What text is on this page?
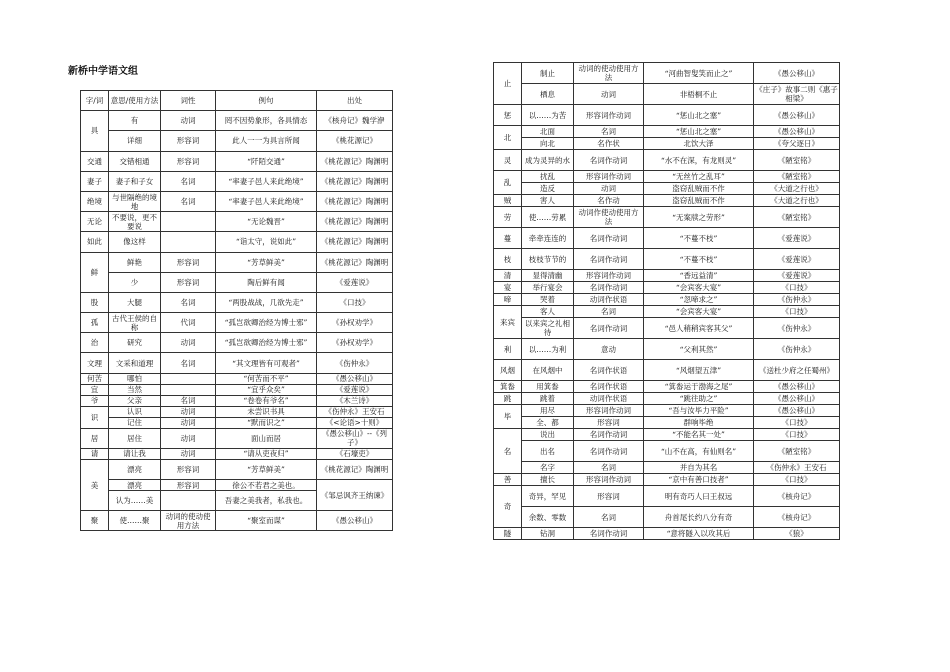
新桥中学语文组
字/词	意思/使用方法	词性	例句	出处
具	有	动词	罔不因势象形，各具情态	《核舟记》魏学洢
	详细	形容词	此人一一为具言所闻	《桃花源记》
交通	交错相通	形容词	“阡陌交通”	《桃花源记》陶渊明
妻子	妻子和子女	名词	“率妻子邑人来此绝境”	《桃花源记》陶渊明
绝境	与世隔绝的境地	名词	“率妻子邑人来此绝境”	《桃花源记》陶渊明
无论	不要说，更不要说		“无论魏晋”	《桃花源记》陶渊明
如此	像这样		“诣太守，说如此”	《桃花源记》陶渊明
鲜	鲜艳	形容词	“芳草鲜美”	《桃花源记》陶渊明
	少	形容词	陶后鲜有闻	《爱莲说》
股	大腿	名词	“两股战战，几欲先走”	《口技》
孤	古代王侯的自称	代词	“孤岂欲卿治经为博士邪”	《孙权劝学》
治	研究	动词	“孤岂欲卿治经为博士邪”	《孙权劝学》
文理	文采和道理	名词	“其文理皆有可观者”	《伤仲永》
何苦	哪怕		“何苦而不平”	《愚公移山》
宜	当然		“宜乎众矣”	《爱莲说》
爷	父亲	名词	“卷卷有爷名”	《木兰诗》
识	认识	动词	未尝识书具	《伤仲永》王安石
	记住	动词	“默而识之”	《<论语>十则》
居	居住	动词	面山而居	《愚公移山》--《列子》
请	请让我	动词	“请从吏夜归”	《石壕吏》
美	漂亮	形容词	“芳草鲜美”	《桃花源记》陶渊明
	漂亮	形容词	徐公不若君之美也。	《邹忌讽齐王纳谏》
	认为……美		吾妻之美我者，私我也。	
聚	使……聚	动词的使动使用方法	“聚室而谋”	《愚公移山》
止	制止	动词的使动使用方法	“河曲智叟笑而止之”	《愚公移山》
	栖息	动词	非梧桐不止	《庄子》故事二则《惠子相梁》
惩	以……为苦	形容词作动词	“惩山北之塞”	《愚公移山》
北	北面	名词	“惩山北之塞”	《愚公移山》
	向北	名作状	北饮大泽	《夸父逐日》
灵	成为灵异的水	名词作动词	“水不在深，有龙则灵”	《陋室铭》
乱	扰乱	形容词作动词	“无丝竹之乱耳”	《陋室铭》
	造反	动词	盗窃乱贼而不作	《大道之行也》
贼	害人	名作动	盗窃乱贼而不作	《大道之行也》
劳	使……劳累	动词作使动使用方法	“无案牍之劳形”	《陋室铭》
蔓	牵牵连连的	名词作动词	“不蔓不枝”	《爱莲说》
枝	枝枝节节的	名词作动词	“不蔓不枝”	《爱莲说》
清	显得清幽	形容词作动词	“香远益清”	《爱莲说》
宴	举行宴会	名词作动词	“会宾客大宴”	《口技》
啼	哭着	动词作状语	“忽啼求之”	《伤仲永》
来宾	客人	名词	“会宾客大宴”	《口技》
	以来宾之礼相待	名词作动词	“邑人稍稍宾客其父”	《伤仲永》
利	以……为利	意动	“父利其然”	《伤仲永》
风烟	在风烟中	名词作状语	“风烟望五津”	《送杜少府之任蜀州》
箕畚	用箕畚	名词作状语	“箕畚运于渤海之尾”	《愚公移山》
跳	跳着	动词作状语	“跳往助之”	《愚公移山》
毕	用尽	形容词作动词	“吾与汝毕力平险”	《愚公移山》
	全、都	形容词	群响毕绝	《口技》
名	说出	名词作动词	“不能名其一处”	《口技》
	出名	名词作动词	“山不在高，有仙则名”	《陋室铭》
	名字	名词	并自为其名	《伤仲永》王安石
善	擅长	形容词作动词	“京中有善口技者”	《口技》
奇	奇异，罕见	形容词	明有奇巧人曰王叔远	《核舟记》
	余数、零数	名词	舟首尾长约八分有奇	《核舟记》
隧	钻洞	名词作动词	“意将隧入以攻其后	《狼》
